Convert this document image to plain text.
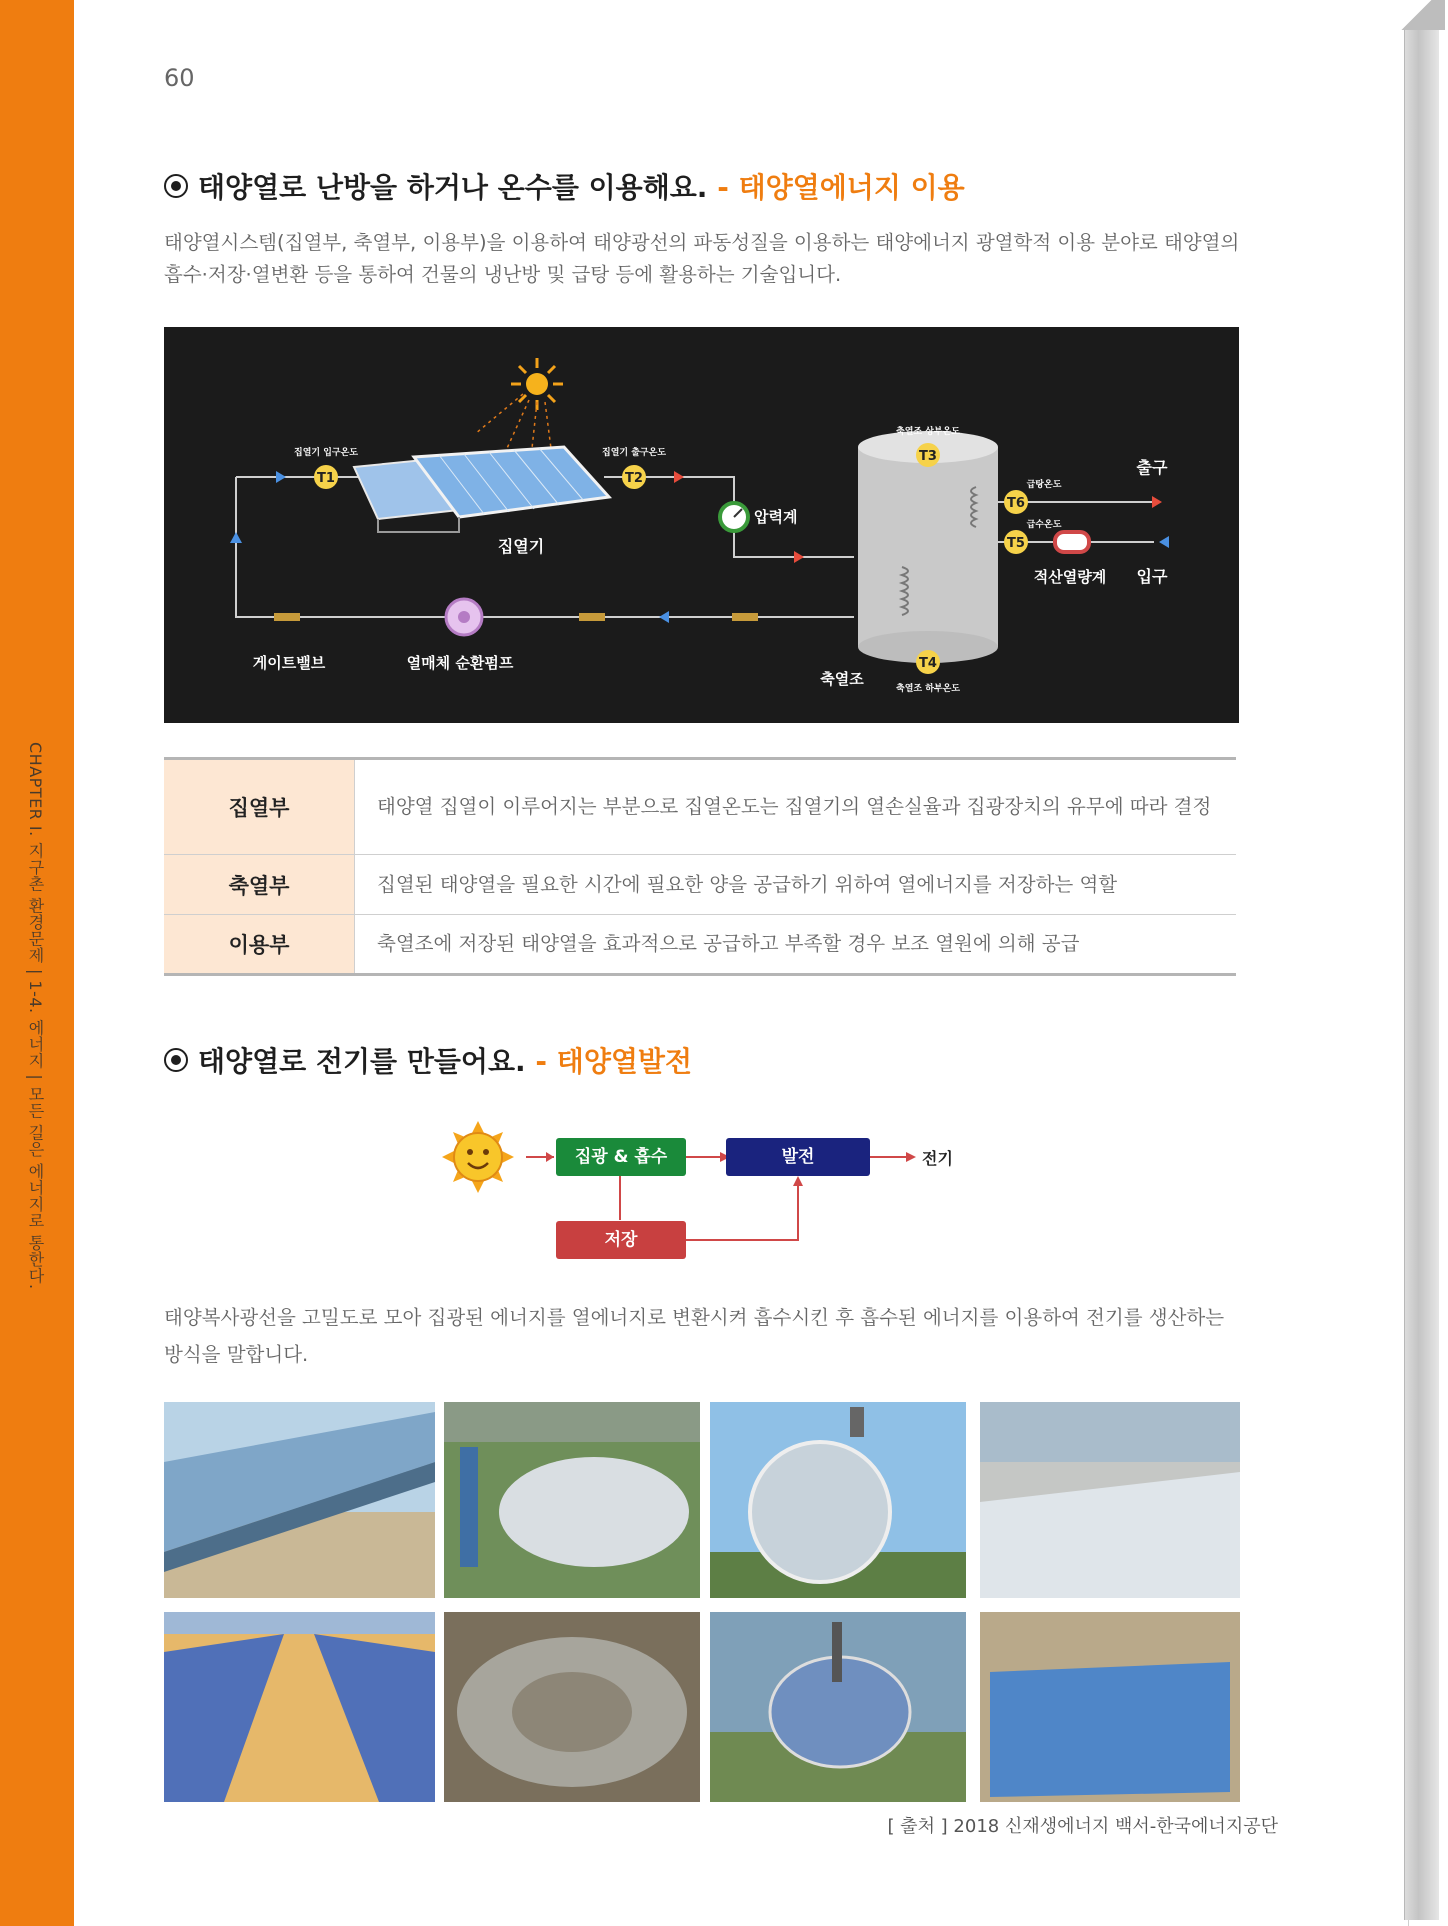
CHAPTER I. 지구촌 환경문제 | 1-4. 에너지 | 모든 길은 에너지로 통한다.
60
태양열로 난방을 하거나 온수를 이용해요. - 태양열에너지 이용
태양열시스템(집열부, 축열부, 이용부)을 이용하여 태양광선의 파동성질을 이용하는 태양에너지 광열학적 이용 분야로 태양열의 흡수·저장·열변환 등을 통하여 건물의 냉난방 및 급탕 등에 활용하는 기술입니다.
T1	T2
T3
T4
T5
T6
집열기 입구온도	집열기 출구온도
축열조 상부온도
축열조 하부온도
급수온도
급탕온도
집열기
압력계
게이트밸브	열매체 순환펌프
축열조
적산열량계
출구
입구
집열부	태양열 집열이 이루어지는 부분으로 집열온도는 집열기의 열손실율과 집광장치의 유무에 따라 결정
축열부	집열된 태양열을 필요한 시간에 필요한 양을 공급하기 위하여 열에너지를 저장하는 역할
이용부	축열조에 저장된 태양열을 효과적으로 공급하고 부족할 경우 보조 열원에 의해 공급
태양열로 전기를 만들어요. - 태양열발전
집광 & 흡수	발전
저장
전기
태양복사광선을 고밀도로 모아 집광된 에너지를 열에너지로 변환시켜 흡수시킨 후 흡수된 에너지를 이용하여 전기를 생산하는 방식을 말합니다.
[ 출처 ] 2018 신재생에너지 백서-한국에너지공단
